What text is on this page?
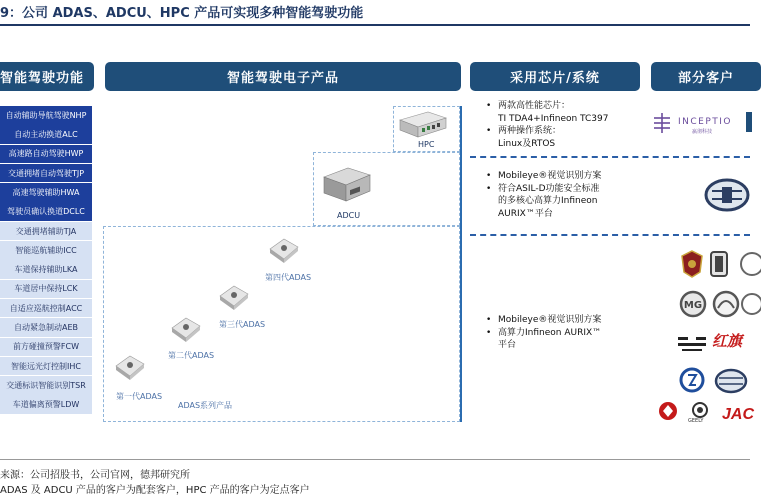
9：公司 ADAS、ADCU、HPC 产品可实现多种智能驾驶功能
智能驾驶功能	智能驾驶电子产品	采用芯片/系统	部分客户
自动辅助导航驾驶NHP
自动主动换道ALC
高速路自动驾驶HWP
交通拥堵自动驾驶TJP
高速驾驶辅助HWA
驾驶员确认换道DCLC
交通拥堵辅助TJA
智能巡航辅助ICC
车道保持辅助LKA
车道居中保持LCK
自适应巡航控制ACC
自动紧急制动AEB
前方碰撞预警FCW
智能远光灯控制IHC
交通标识智能识别TSR
车道偏离预警LDW
HPC
ADCU
第一代ADAS
第二代ADAS
第三代ADAS
第四代ADAS
ADAS系列产品
• 两款高性能芯片：
TI TDA4+Infineon TC397
• 两种操作系统：
Linux及RTOS
• Mobileye®视觉识别方案
• 符合ASIL-D功能安全标准
的多核心高算力Infineon
AURIX™平台
• Mobileye®视觉识别方案
• 高算力Infineon AURIX™
平台
INCEPTIO
嬴彻科技
MG
红旗
GEELY JAC
来源：公司招股书，公司官网，德邦研究所
ADAS 及 ADCU 产品的客户为配套客户，HPC 产品的客户为定点客户
